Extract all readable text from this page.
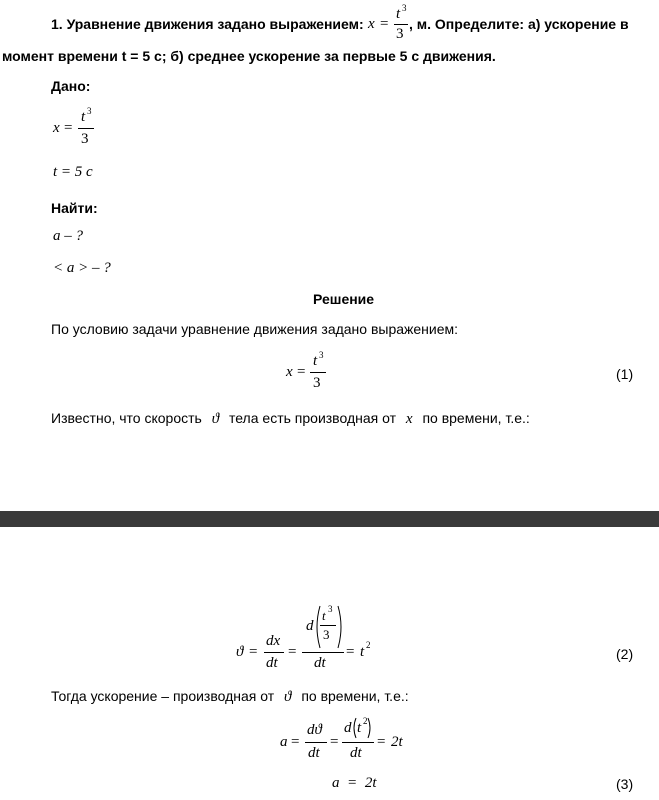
1. Уравнение движения задано выражением: x =
t 3
3
, м. Определите: а) ускорение в
момент времени t = 5 с; б) среднее ускорение за первые 5 с движения.
Дано:
x =
t 3
3
t = 5 c
Найти:
a – ?
< a > – ?
Решение
По условию задачи уравнение движения задано выражением:
x =
t 3
3
(1)
Известно, что скорость ϑ тела есть производная от x по времени, т.е.:
ϑ =
dx
dt
=
d
t 3
3
dt
= t 2
(2)
Тогда ускорение – производная от ϑ по времени, т.е.:
a =
dϑ
dt
=
d t 2
dt
= 2t
a = 2t	(3)
